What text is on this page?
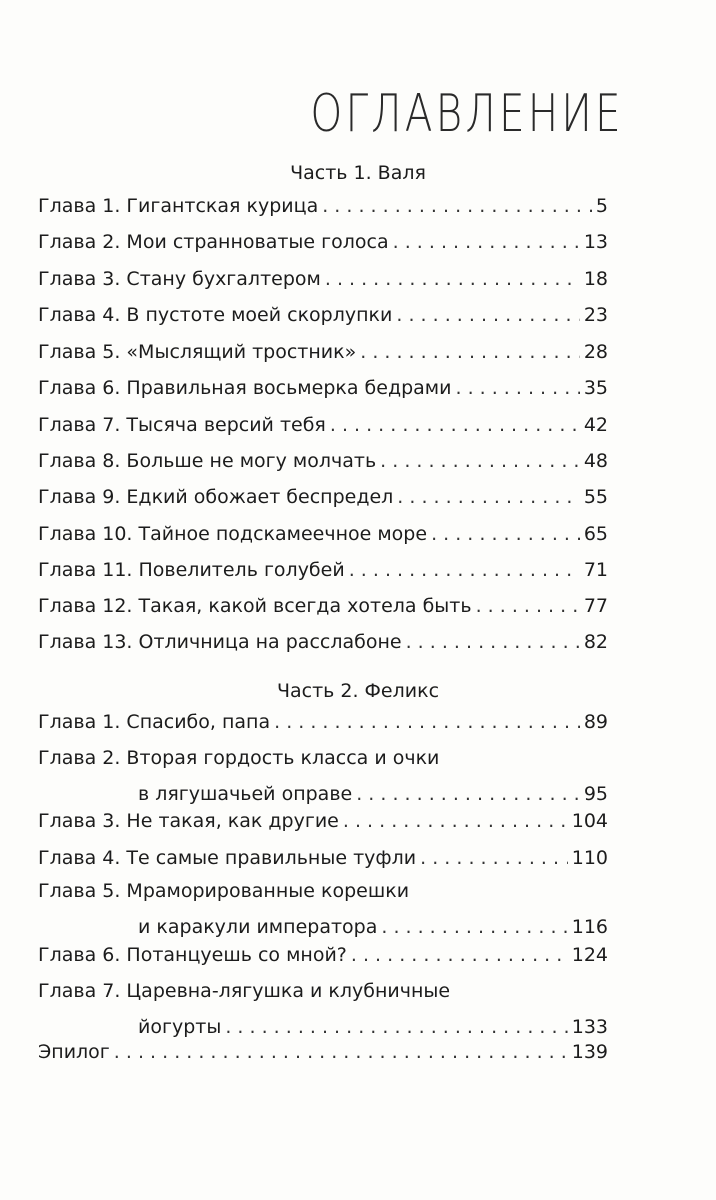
ОГЛАВЛЕНИЕ
Часть 1. Валя
Глава 1. Гигантская курица . . .	5
Глава 2. Мои странноватые голоса . . .	13
Глава 3. Стану бухгалтером . . .	18
Глава 4. В пустоте моей скорлупки . . .	23
Глава 5. «Мыслящий тростник» . . .	28
Глава 6. Правильная восьмерка бедрами . . .	35
Глава 7. Тысяча версий тебя . . .	42
Глава 8. Больше не могу молчать . . .	48
Глава 9. Едкий обожает беспредел . . .	55
Глава 10. Тайное подскамеечное море . . .	65
Глава 11. Повелитель голубей . . .	71
Глава 12. Такая, какой всегда хотела быть . . .	77
Глава 13. Отличница на расслабоне . . .	82
Часть 2. Феликс
Глава 1. Спасибо, папа . . .	89
Глава 2. Вторая гордость класса и очки
в лягушачьей оправе . . .	95
Глава 3. Не такая, как другие . . .	104
Глава 4. Те самые правильные туфли . . .	110
Глава 5. Мраморированные корешки
и каракули императора . . .	116
Глава 6. Потанцуешь со мной? . . .	124
Глава 7. Царевна-лягушка и клубничные
йогурты . . .	133
Эпилог . . .	139
